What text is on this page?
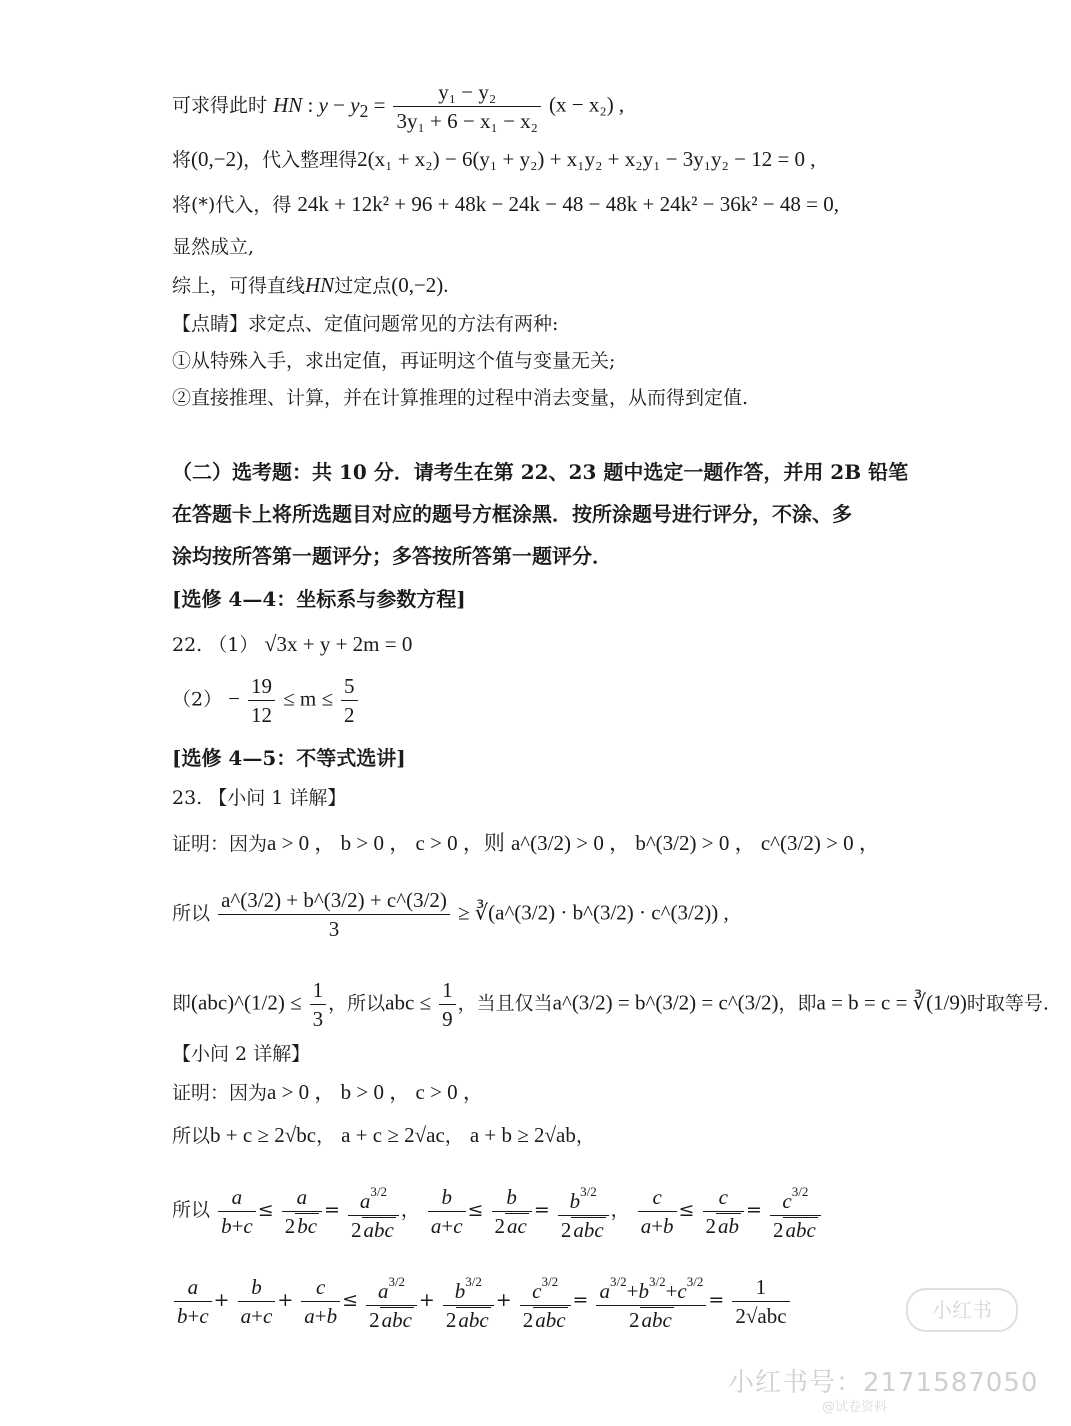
可求得此时 HN : $y - y_2 = \frac{\text{y₁ − y₂}}{\text{3y₁ + 6 − x₁ − x₂}} (x - x_2)$ ,
将(0,−2)，代入整理得2(x₁ + x₂) − 6(y₁ + y₂) + x₁y₂ + x₂y₁ − 3y₁y₂ − 12 = 0 ,
将(*)代入，得 24k + 12k² + 96 + 48k − 24k − 48 − 48k + 24k² − 36k² − 48 = 0,
显然成立,
综上，可得直线HN过定点(0,−2).
【点睛】求定点、定值问题常见的方法有两种:
①从特殊入手，求出定值，再证明这个值与变量无关;
②直接推理、计算，并在计算推理的过程中消去变量，从而得到定值.
（二）选考题：共 10 分．请考生在第 22、23 题中选定一题作答，并用 2B 铅笔
在答题卡上将所选题目对应的题号方框涂黑．按所涂题号进行评分，不涂、多
涂均按所答第一题评分；多答按所答第一题评分．
[选修 4—4：坐标系与参数方程]
22. （1） √3x + y + 2m = 0
$(2) - \frac{19}{12} \le m \le \frac{5}{2}$
[选修 4—5：不等式选讲]
23. 【小问 1 详解】
证明：因为a > 0 ， b > 0 ， c > 0 ，则 a^(3/2) > 0 ， b^(3/2) > 0 ， c^(3/2) > 0 ，
所以 $\frac{a\^{}(3/2) + b\^{}(3/2) + c\^{}(3/2)}{3}$ ≥ ∛(a^(3/2) · b^(3/2) · c^(3/2)) ,
即(abc)^(1/2) ≤ $\frac{1}{3}$ ，所以abc ≤ $\frac{1}{9}$ ，当且仅当a^(3/2) = b^(3/2) = c^(3/2)，即a = b = c = ∛(1/9)时取等号.
【小问 2 详解】
证明：因为a > 0 ， b > 0 ， c > 0 ，
所以b + c ≥ 2√bc， a + c ≥ 2√ac， a + b ≥ 2√ab，
所以 $\frac{a}{b+c} \le \frac{a}{2bc} = \frac{a^{3/2}}{\text{2abc}}$ ， $\frac{b}{a+c} \le \frac{b}{2ac} = \frac{b^{3/2}}{\text{2abc}}$ ， $\frac{c}{a+b} \le \frac{c}{2ab} = \frac{c^{3/2}}{\text{2abc}}$
$\frac{a}{b+c} + \frac{b}{a+c} + \frac{c}{a+b} \le \frac{a^{3/2}}{\text{2abc}} + \frac{b^{3/2}}{\text{2abc}} + \frac{c^{3/2}}{\text{2abc}} = \frac{a^{3/2}+b^{3/2}+c^{3/2}}{\text{2abc}} = \frac{1}{\text{2√abc}}$	小红书
小红书号：2171587050
@试卷资料
